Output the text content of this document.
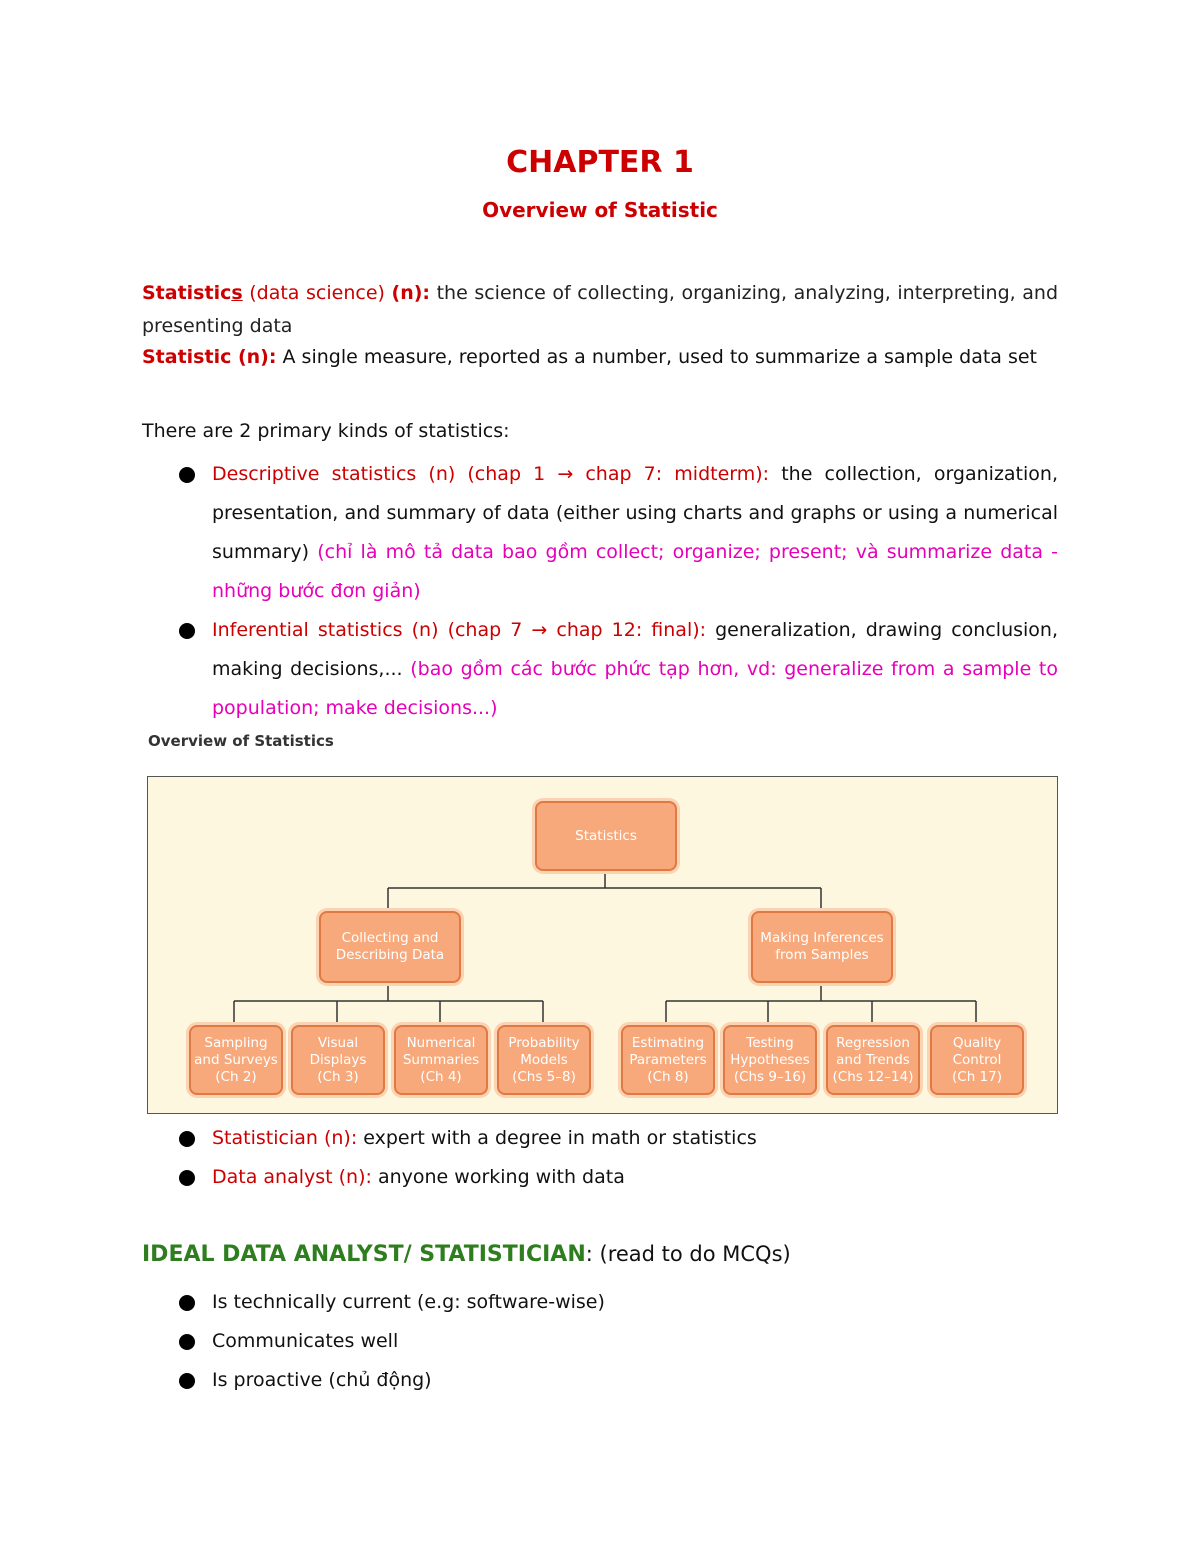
CHAPTER 1
Overview of Statistic
Statistics (data science) (n): the science of collecting, organizing, analyzing, interpreting, and presenting data
Statistic (n): A single measure, reported as a number, used to summarize a sample data set
There are 2 primary kinds of statistics:
Descriptive statistics (n) (chap 1 → chap 7: midterm): the collection, organization, presentation, and summary of data (either using charts and graphs or using a numerical summary) (chỉ là mô tả data bao gồm collect; organize; present; và summarize data - những bước đơn giản)
Inferential statistics (n) (chap 7 → chap 12: final): generalization, drawing conclusion, making decisions,... (bao gồm các bước phức tạp hơn, vd: generalize from a sample to population; make decisions...)
Overview of Statistics
Statistics
Collecting and
Describing Data
Making Inferences
from Samples
Sampling
and Surveys
(Ch 2)
Visual
Displays
(Ch 3)
Numerical
Summaries
(Ch 4)
Probability
Models
(Chs 5–8)
Estimating
Parameters
(Ch 8)
Testing
Hypotheses
(Chs 9–16)
Regression
and Trends
(Chs 12–14)
Quality
Control
(Ch 17)
Statistician (n): expert with a degree in math or statistics
Data analyst (n): anyone working with data
IDEAL DATA ANALYST/ STATISTICIAN: (read to do MCQs)
Is technically current (e.g: software-wise)
Communicates well
Is proactive (chủ động)
